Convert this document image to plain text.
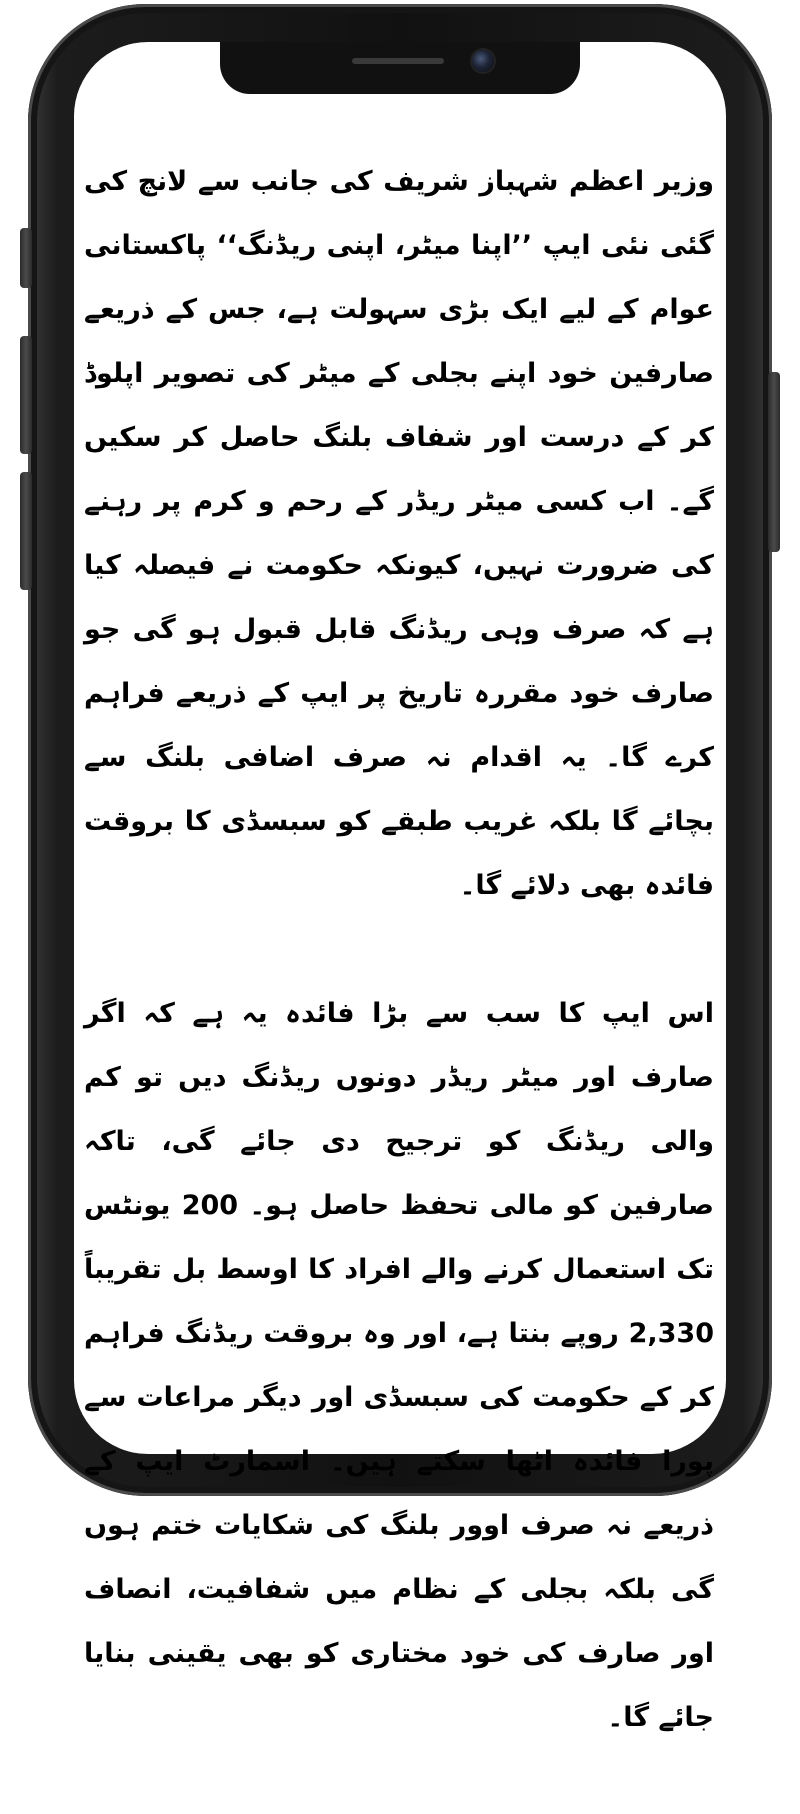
وزیر اعظم شہباز شریف کی جانب سے لانچ کی گئی نئی ایپ ’’اپنا میٹر، اپنی ریڈنگ‘‘ پاکستانی عوام کے لیے ایک بڑی سہولت ہے، جس کے ذریعے صارفین خود اپنے بجلی کے میٹر کی تصویر اپلوڈ کر کے درست اور شفاف بلنگ حاصل کر سکیں گے۔ اب کسی میٹر ریڈر کے رحم و کرم پر رہنے کی ضرورت نہیں، کیونکہ حکومت نے فیصلہ کیا ہے کہ صرف وہی ریڈنگ قابل قبول ہو گی جو صارف خود مقررہ تاریخ پر ایپ کے ذریعے فراہم کرے گا۔ یہ اقدام نہ صرف اضافی بلنگ سے بچائے گا بلکہ غریب طبقے کو سبسڈی کا بروقت فائدہ بھی دلائے گا۔

اس ایپ کا سب سے بڑا فائدہ یہ ہے کہ اگر صارف اور میٹر ریڈر دونوں ریڈنگ دیں تو کم والی ریڈنگ کو ترجیح دی جائے گی، تاکہ صارفین کو مالی تحفظ حاصل ہو۔ 200 یونٹس تک استعمال کرنے والے افراد کا اوسط بل تقریباً 2,330 روپے بنتا ہے، اور وہ بروقت ریڈنگ فراہم کر کے حکومت کی سبسڈی اور دیگر مراعات سے پورا فائدہ اٹھا سکتے ہیں۔ اسمارٹ ایپ کے ذریعے نہ صرف اوور بلنگ کی شکایات ختم ہوں گی بلکہ بجلی کے نظام میں شفافیت، انصاف اور صارف کی خود مختاری کو بھی یقینی بنایا جائے گا۔
